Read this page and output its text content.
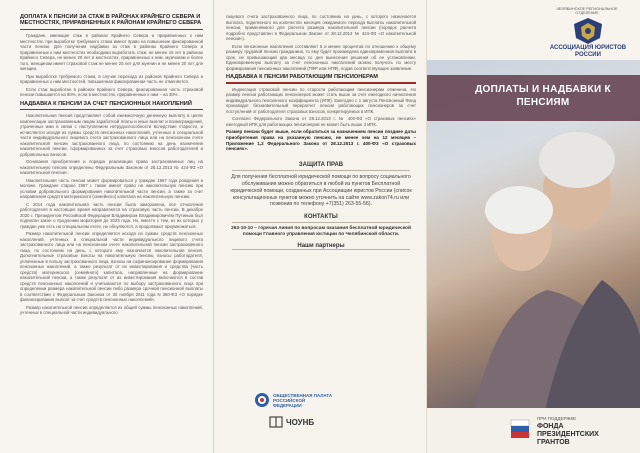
ДОПЛАТА К ПЕНСИИ ЗА СТАЖ В РАЙОНАХ КРАЙНЕГО СЕВЕРА И МЕСТНОСТЯХ, ПРИРАВНЕННЫХ К РАЙОНАМ КРАЙНЕГО СЕВЕРА

Граждане, имеющие стаж в районах Крайнего Севера и приравненных к ним местностях, при выработке требуемого стажа имеют право на повышение фиксированной части пенсии. Для получения надбавки за стаж в районах Крайнего Севера и приравненных к ним местностях необходимо выработать стаж: не менее 15 лет в районах Крайнего Севера, не менее 20 лет в местностях, приравненных к ним, мужчинам и более того, женщинам имеет страховой стаж не менее 25 лет для мужчин и не менее 20 лет для женщин.

При выработке требуемого стажа, в случае перехода из районов Крайнего Севера и приравненных к ним местностей, повышенная фиксированная часть не отменяется.

Если стаж выработан в районах Крайнего Севера, фиксированная часть страховой пенсии повышается на 50%, если в местностях, приравненных к ним – на 30%.

НАДБАВКА К ПЕНСИИ ЗА СЧЕТ ПЕНСИОННЫХ НАКОПЛЕНИЙ

Накопительная пенсия представляет собой ежемесячную денежную выплату в целях компенсации застрахованным лицам заработной платы и иных выплат и вознаграждений, утраченных ими в связи с наступлением нетрудоспособности вследствие старости, и исчисляется исходя из суммы средств пенсионных накоплений, учтенных в специальной части индивидуального лицевого счета застрахованного лица или на пенсионном счете накопительной пенсии застрахованного лица, по состоянию на день назначения накопительной пенсии, сформированных за счет страховых взносов работодателей и добровольных взносов.

Основания приобретения и порядок реализации права застрахованных лиц на накопительную пенсию определены Федеральным Законом от 28.12.2013 № 424-ФЗ «О накопительной пенсии».

Накопительная часть пенсии может формироваться у граждан 1967 года рождения и моложе. Граждане старше 1967 г. также имеют право на накопительную пенсию при условии добровольного формирования накопительной части пенсии, а также за счет направления средств материнского (семейного) капитала на накопительную пенсию.

С 2014 года накопительная часть пенсии была заморожена, все отчисления работодателя в настоящее время направляются на страховую часть пенсии. В декабре 2020 г. Президентом Российской Федерации Владимиром Владимировичем Путиным был подписан закон о продлении моратория до 2023 года. Но, вместе с тем, из их которых у граждан уже есть на специальном счете, не обнуляются, а продолжают приумножаться.

Размер накопительной пенсии определяется исходя из суммы средств пенсионных накоплений, учтенных в специальной части индивидуального лицевого счета застрахованного лица или на пенсионном счете накопительной пенсии застрахованного лица, по состоянию на день, с которого ему назначается накопительная пенсия. Дополнительные страховые взносы на накопительную пенсию, взносы работодателя, уплаченные в пользу застрахованного лица, взносы на софинансирование формирования пенсионных накоплений, а также результат от их инвестирования и средства (часть средств) материнского (семейного) капитала, направленные на формирование накопительной пенсии, а также результат от их инвестирования включаются в состав средств пенсионных накоплений и учитываются по выбору застрахованного лица при определении размера накопительной пенсии либо размера срочной пенсионной выплаты в соответствии с Федеральным Законом от 30 ноября 2011 года N 360-ФЗ «О порядке финансирования выплат за счет средств пенсионных накоплений».

Размер накопительной пенсии определяется из общей суммы пенсионных накоплений, учтенных в специальной части индивидуального

лицевого счета застрахованного лица, по состоянию на день, с которого назначается выплата, поделенного на количество месяцев ожидаемого периода выплаты накопительной пенсии, применяемого для расчета размера накопительной пенсии (порядок расчета подробно представлен в Федеральном Законе от 28.12.2013 № 424-ФЗ «О накопительной пенсии»).

Если пенсионные накопления составляют 5 и менее процентов по отношению к общему размеру трудовой пенсии гражданина, то ему будет произведена единовременная выплата в срок, не превышающий два месяца со дня вынесения решения об ее установлении. Единовременную выплату за счет пенсионных накоплений можно получить по месту формирования пенсионных накоплений (ПФР или НПФ), подав соответствующее заявление.

НАДБАВКА К ПЕНСИИ РАБОТАЮЩИМ ПЕНСИОНЕРАМ

Индексация страховой пенсии по старости работающим пенсионерам отменена. Но размер пенсии работающих пенсионеров может стать выше за счет ежегодного начисления индивидуального пенсионного коэффициента (ИПК). Ежегодно с 1 августа Пенсионный Фонд производит беззаявительный перерасчет пенсии работающих пенсионеров за счет поступлений от работодателя страховых взносов, конкретируемых в ИПК.

Согласно Федерального Закона от 28.12.2013 г. № 400-ФЗ «О страховых пенсиях» ежегодный ИПК для работающих пенсионеров не может быть выше 3 ИПК.

Размер пенсии будет выше, если обратиться за назначением пенсии позднее даты приобретения права на указанную пенсию, не менее чем на 12 месяцев – Приложение 1,2 Федерального Закона от 28.12.2013 г. 400-ФЗ «О страховых пенсиях».

ЗАЩИТА ПРАВ

Для получения бесплатной юридической помощи по вопросу социального обслуживания можно обратиться в любой из пунктов Бесплатной юридической помощи, созданных при Ассоциации юристов России (список консультационных пунктов можно уточнить на сайте www.zakon74.ru или позвонив по телефону +7(351) 263-55-56).

КОНТАКТЫ

263-10-10 – горячая линия по вопросам оказания бесплатной юридической помощи Главного управления юстиции по Челябинской области.

Наши партнеры
ОБЩЕСТВЕННАЯ ПАЛАТА РОССИЙСКОЙ ФЕДЕРАЦИИ
ЧОУНБ
ЧЕЛЯБИНСКОЕ РЕГИОНАЛЬНОЕ ОТДЕЛЕНИЕ
АССОЦИАЦИЯ ЮРИСТОВ РОССИИ
ДОПЛАТЫ И НАДБАВКИ К ПЕНСИЯМ
ПРИ ПОДДЕРЖКЕ
ФОНДА ПРЕЗИДЕНТСКИХ ГРАНТОВ
